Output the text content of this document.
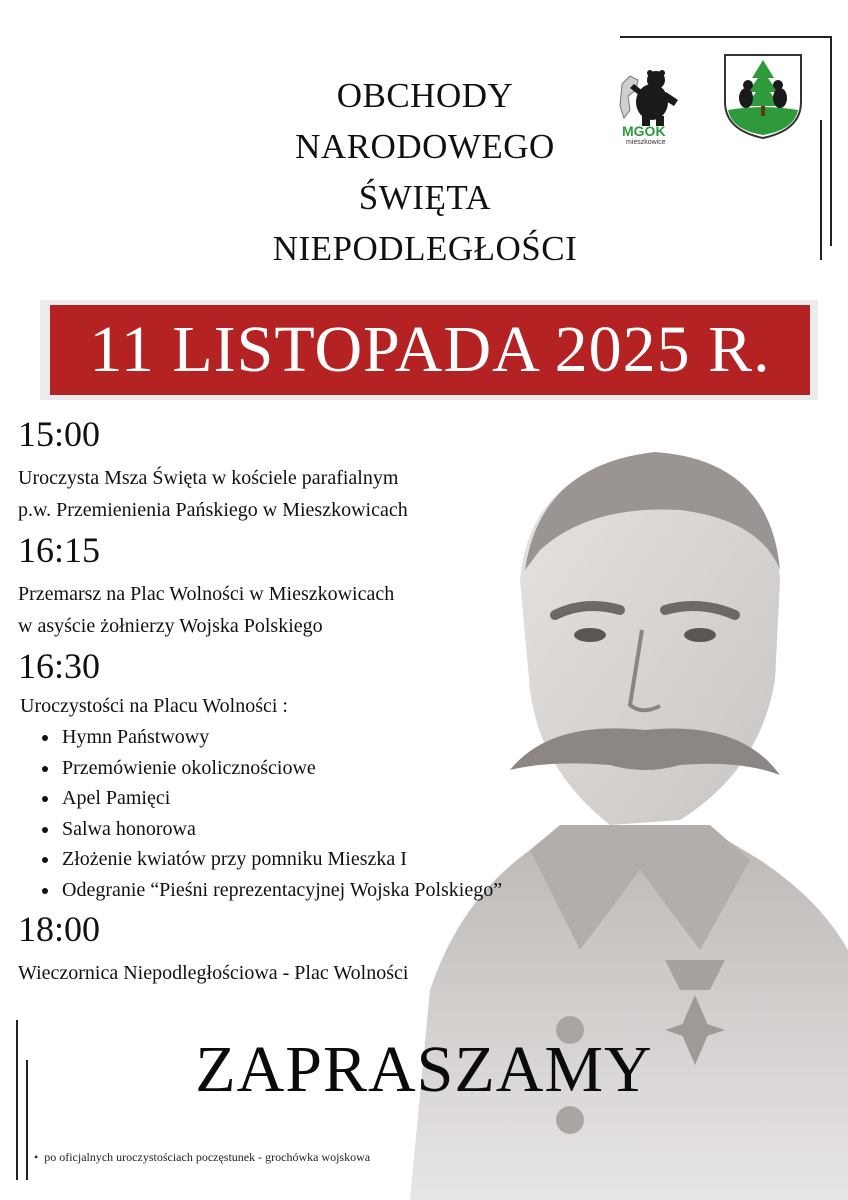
OBCHODY
NARODOWEGO
ŚWIĘTA
NIEPODLEGŁOŚCI
MGOK
mieszkowice
11 LISTOPADA 2025 R.
15:00
Uroczysta Msza Święta w kościele parafialnym
p.w. Przemienienia Pańskiego w Mieszkowicach
16:15
Przemarsz na Plac Wolności w Mieszkowicach
w asyście żołnierzy Wojska Polskiego
16:30
Uroczystości na Placu Wolności :
• Hymn Państwowy
• Przemówienie okolicznościowe
• Apel Pamięci
• Salwa honorowa
• Złożenie kwiatów przy pomniku Mieszka I
• Odegranie “Pieśni reprezentacyjnej Wojska Polskiego”
18:00
Wieczornica Niepodległościowa - Plac Wolności
ZAPRASZAMY
• po oficjalnych uroczystościach poczęstunek - grochówka wojskowa
